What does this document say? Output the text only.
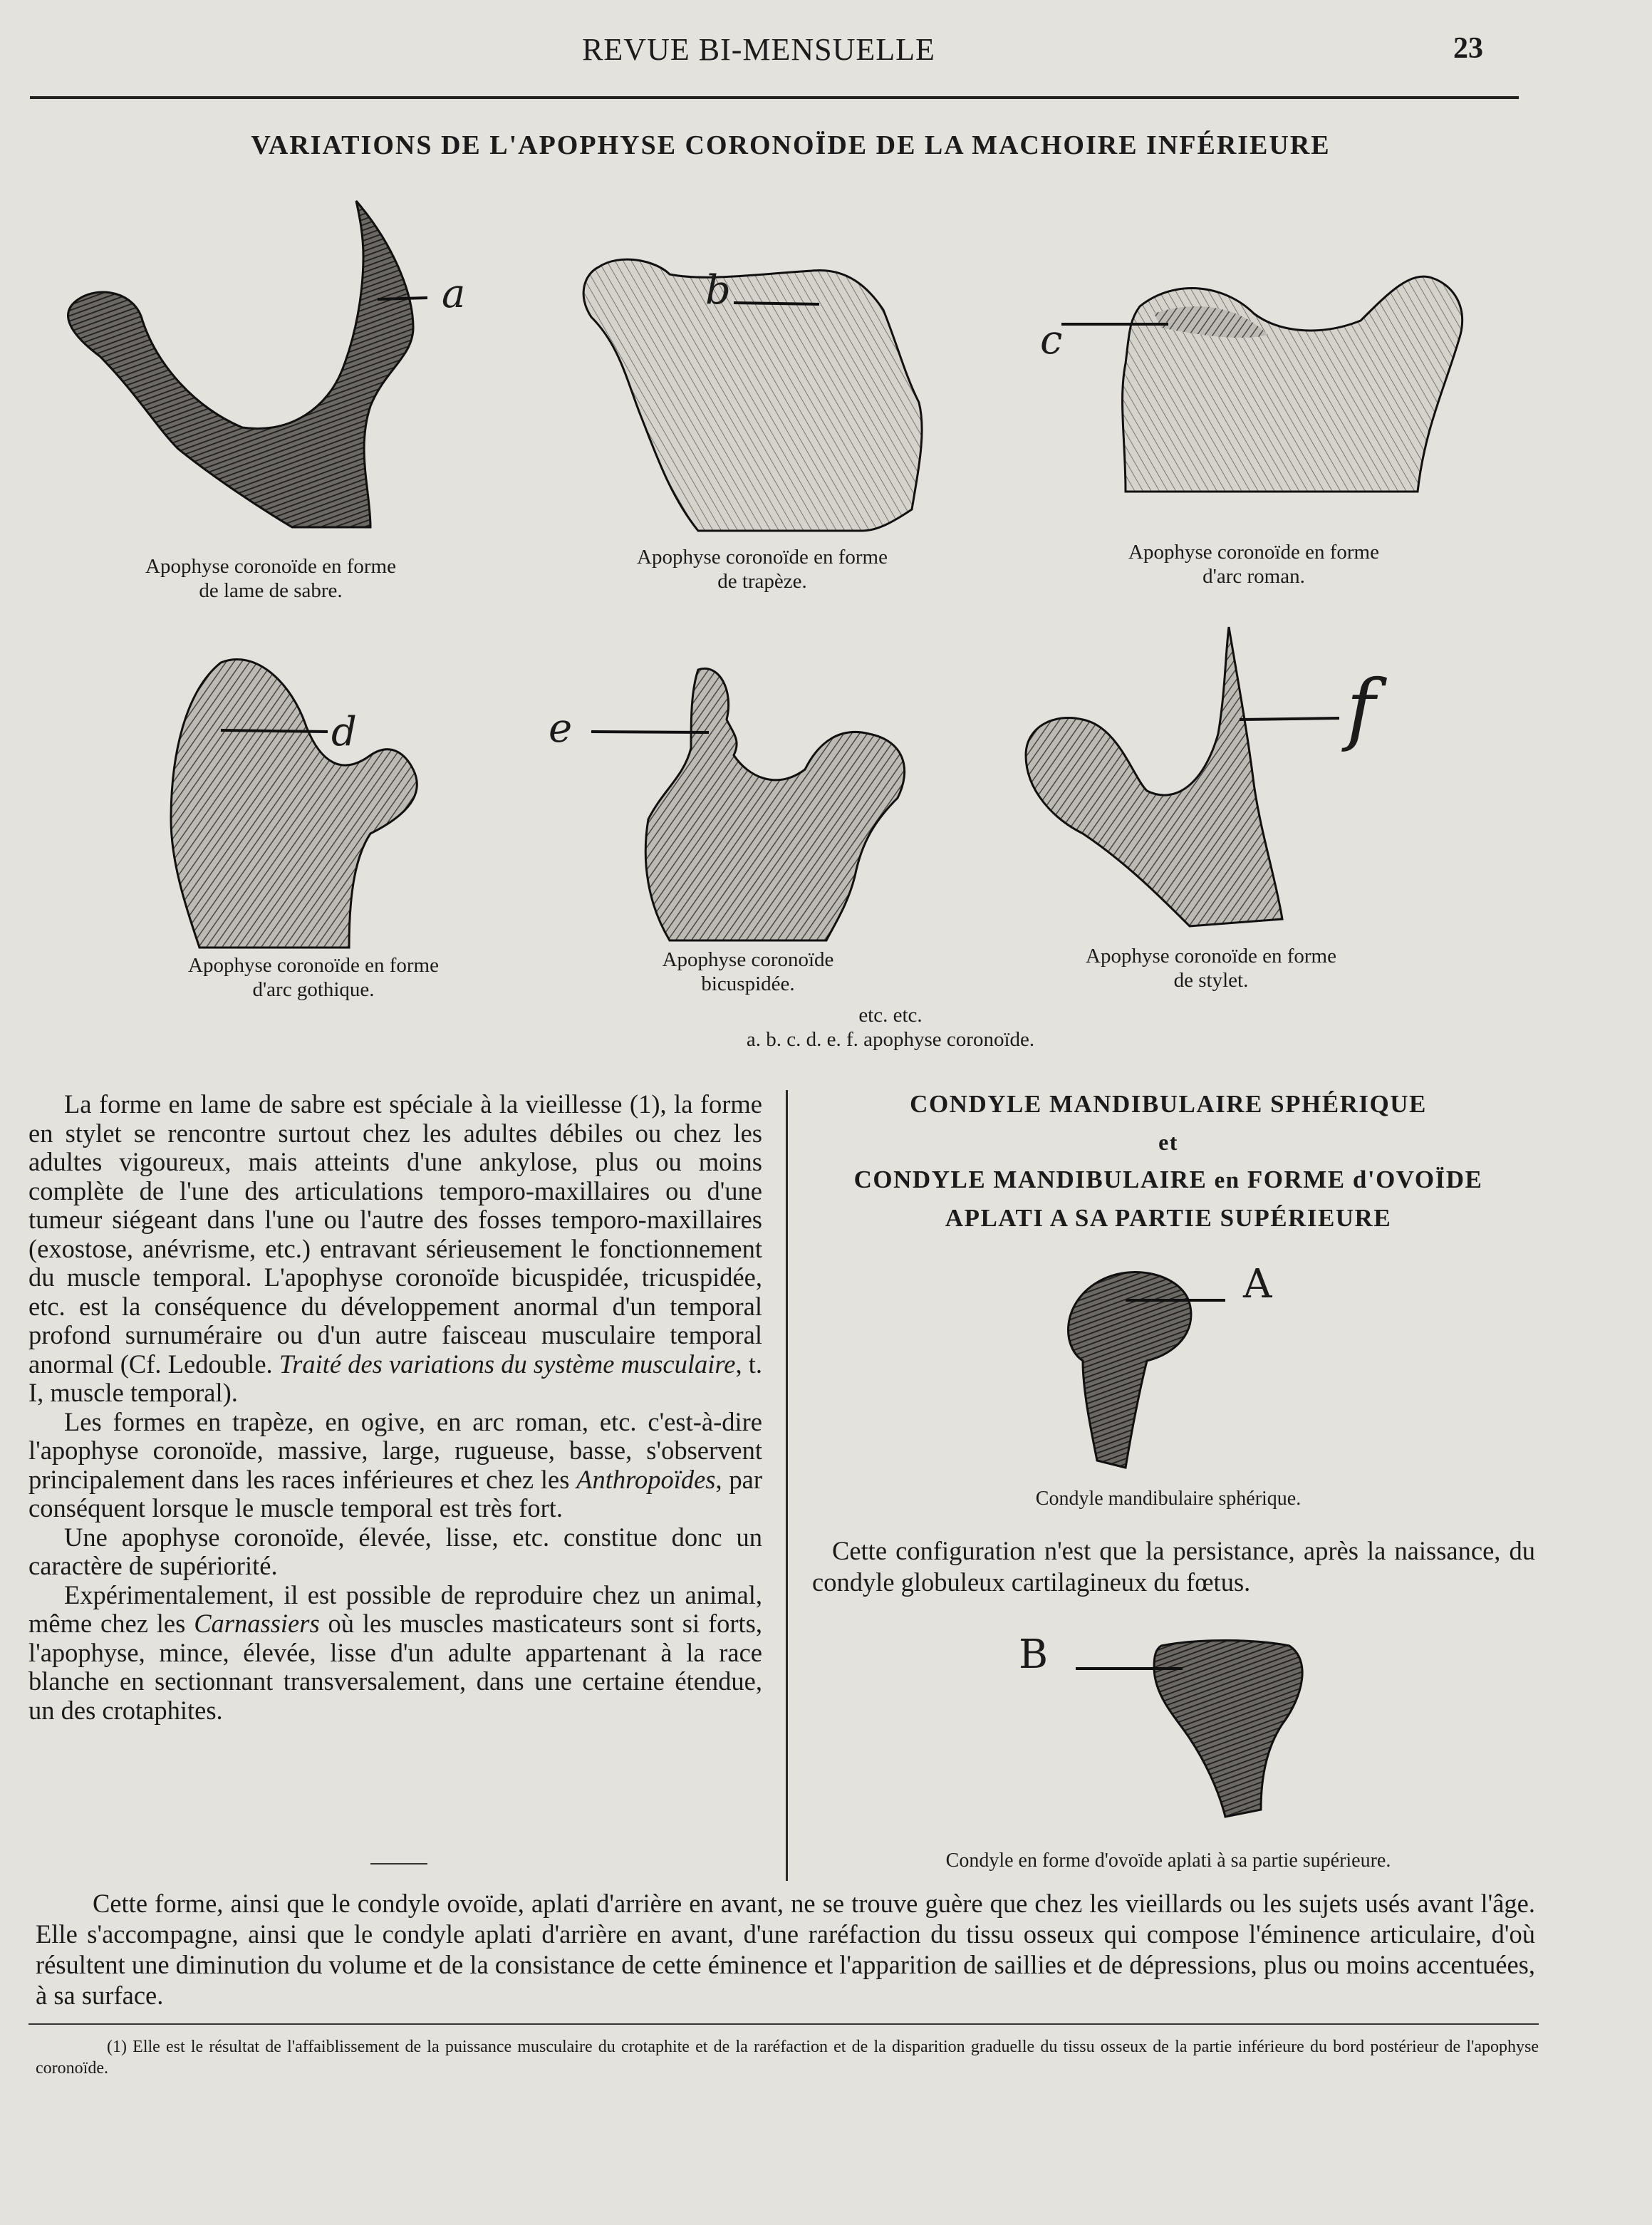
REVUE BI-MENSUELLE	23
VARIATIONS DE L'APOPHYSE CORONOÏDE DE LA MACHOIRE INFÉRIEURE
a
Apophyse coronoïde en forme
de lame de sabre.
b
Apophyse coronoïde en forme
de trapèze.
c
Apophyse coronoïde en forme
d'arc roman.
d
Apophyse coronoïde en forme
d'arc gothique.
e
Apophyse coronoïde
bicuspidée.
f
Apophyse coronoïde en forme
de stylet.
etc. etc.
a. b. c. d. e. f. apophyse coronoïde.

La forme en lame de sabre est spéciale à la vieillesse (1), la forme en stylet se rencontre surtout chez les adultes débiles ou chez les adultes vigoureux, mais atteints d'une ankylose, plus ou moins complète de l'une des articulations temporo-maxillaires ou d'une tumeur siégeant dans l'une ou l'autre des fosses temporo-maxillaires (exostose, anévrisme, etc.) entravant sérieusement le fonctionnement du muscle temporal. L'apophyse coronoïde bicuspidée, tricuspidée, etc. est la conséquence du développement anormal d'un temporal profond surnuméraire ou d'un autre faisceau musculaire temporal anormal (Cf. Ledouble. Traité des variations du système musculaire, t. I, muscle temporal).

Les formes en trapèze, en ogive, en arc roman, etc. c'est-à-dire l'apophyse coronoïde, massive, large, rugueuse, basse, s'observent principalement dans les races inférieures et chez les Anthropoïdes, par conséquent lorsque le muscle temporal est très fort.

Une apophyse coronoïde, élevée, lisse, etc. constitue donc un caractère de supériorité.

Expérimentalement, il est possible de reproduire chez un animal, même chez les Carnassiers où les muscles masticateurs sont si forts, l'apophyse, mince, élevée, lisse d'un adulte appartenant à la race blanche en sectionnant transversalement, dans une certaine étendue, un des crotaphites.

CONDYLE MANDIBULAIRE SPHÉRIQUE
et
CONDYLE MANDIBULAIRE en FORME d'OVOÏDE
APLATI A SA PARTIE SUPÉRIEURE
A
Condyle mandibulaire sphérique.
Cette configuration n'est que la persistance, après la naissance, du condyle globuleux cartilagineux du fœtus.
B
Condyle en forme d'ovoïde aplati à sa partie supérieure.

Cette forme, ainsi que le condyle ovoïde, aplati d'arrière en avant, ne se trouve guère que chez les vieillards ou les sujets usés avant l'âge. Elle s'accompagne, ainsi que le condyle aplati d'arrière en avant, d'une raréfaction du tissu osseux qui compose l'éminence articulaire, d'où résultent une diminution du volume et de la consistance de cette éminence et l'apparition de saillies et de dépressions, plus ou moins accentuées, à sa surface.

(1) Elle est le résultat de l'affaiblissement de la puissance musculaire du crotaphite et de la raréfaction et de la disparition graduelle du tissu osseux de la partie inférieure du bord postérieur de l'apophyse coronoïde.
